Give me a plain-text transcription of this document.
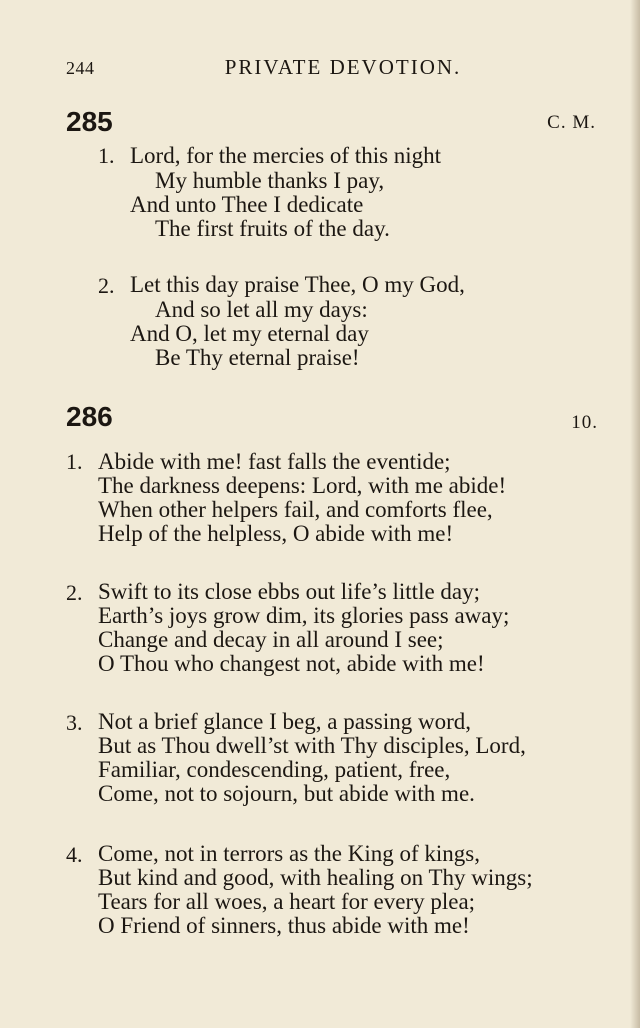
244	PRIVATE DEVOTION.
285	C. M.
1. Lord, for the mercies of this night
My humble thanks I pay,
And unto Thee I dedicate
The first fruits of the day.
2. Let this day praise Thee, O my God,
And so let all my days:
And O, let my eternal day
Be Thy eternal praise!
286	10.
1. Abide with me! fast falls the eventide;
The darkness deepens: Lord, with me abide!
When other helpers fail, and comforts flee,
Help of the helpless, O abide with me!
2. Swift to its close ebbs out life’s little day;
Earth’s joys grow dim, its glories pass away;
Change and decay in all around I see;
O Thou who changest not, abide with me!
3. Not a brief glance I beg, a passing word,
But as Thou dwell’st with Thy disciples, Lord,
Familiar, condescending, patient, free,
Come, not to sojourn, but abide with me.
4. Come, not in terrors as the King of kings,
But kind and good, with healing on Thy wings;
Tears for all woes, a heart for every plea;
O Friend of sinners, thus abide with me!
